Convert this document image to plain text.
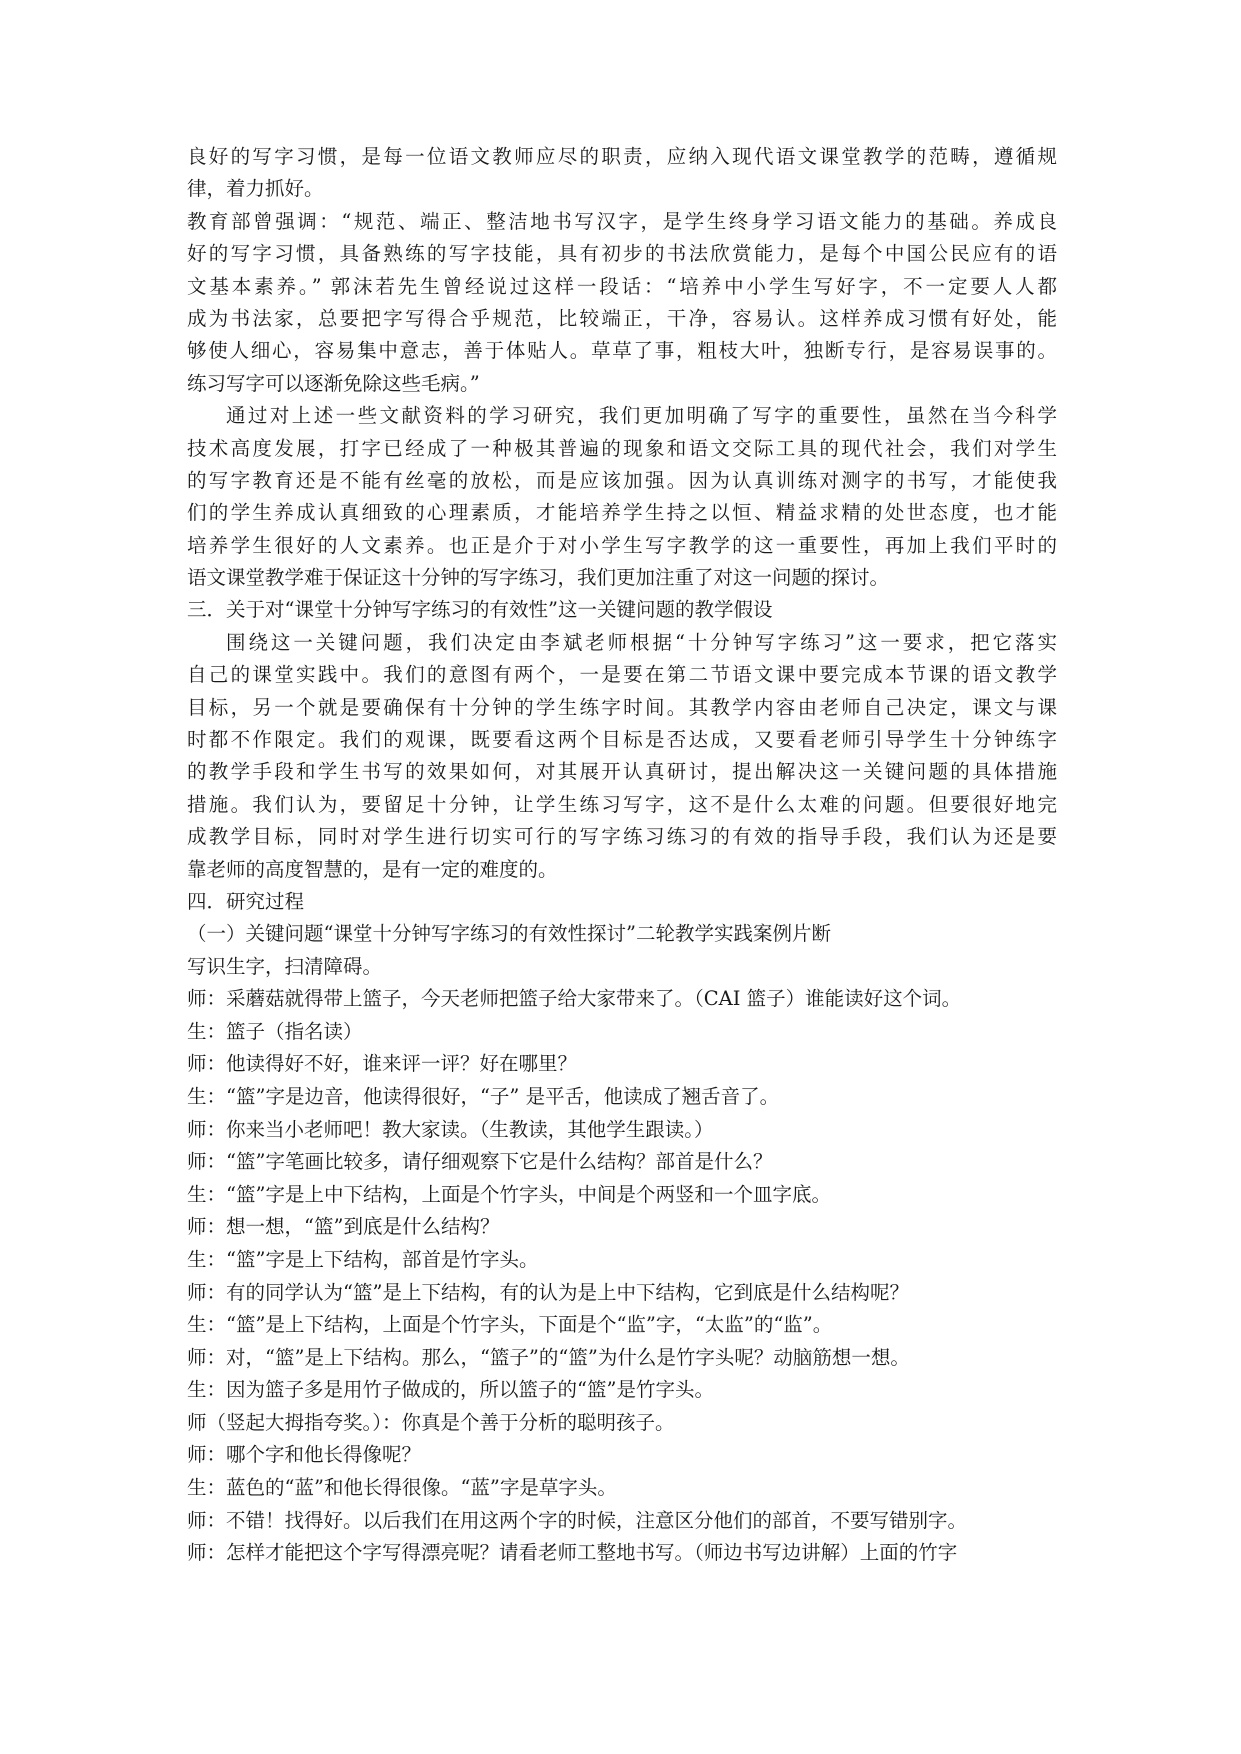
良好的写字习惯，是每一位语文教师应尽的职责，应纳入现代语文课堂教学的范畴，遵循规
律，着力抓好。
教育部曾强调：“规范、端正、整洁地书写汉字，是学生终身学习语文能力的基础。养成良
好的写字习惯，具备熟练的写字技能，具有初步的书法欣赏能力，是每个中国公民应有的语
文基本素养。” 郭沫若先生曾经说过这样一段话：“培养中小学生写好字，不一定要人人都
成为书法家，总要把字写得合乎规范，比较端正，干净，容易认。这样养成习惯有好处，能
够使人细心，容易集中意志，善于体贴人。草草了事，粗枝大叶，独断专行，是容易误事的。
练习写字可以逐渐免除这些毛病。”
通过对上述一些文献资料的学习研究，我们更加明确了写字的重要性，虽然在当今科学
技术高度发展，打字已经成了一种极其普遍的现象和语文交际工具的现代社会，我们对学生
的写字教育还是不能有丝毫的放松，而是应该加强。因为认真训练对测字的书写，才能使我
们的学生养成认真细致的心理素质，才能培养学生持之以恒、精益求精的处世态度，也才能
培养学生很好的人文素养。也正是介于对小学生写字教学的这一重要性，再加上我们平时的
语文课堂教学难于保证这十分钟的写字练习，我们更加注重了对这一问题的探讨。
三．关于对“课堂十分钟写字练习的有效性”这一关键问题的教学假设
围绕这一关键问题，我们决定由李斌老师根据“十分钟写字练习”这一要求，把它落实
自己的课堂实践中。我们的意图有两个，一是要在第二节语文课中要完成本节课的语文教学
目标，另一个就是要确保有十分钟的学生练字时间。其教学内容由老师自己决定，课文与课
时都不作限定。我们的观课，既要看这两个目标是否达成，又要看老师引导学生十分钟练字
的教学手段和学生书写的效果如何，对其展开认真研讨，提出解决这一关键问题的具体措施
措施。我们认为，要留足十分钟，让学生练习写字，这不是什么太难的问题。但要很好地完
成教学目标，同时对学生进行切实可行的写字练习练习的有效的指导手段，我们认为还是要
靠老师的高度智慧的，是有一定的难度的。
四．研究过程
（一）关键问题“课堂十分钟写字练习的有效性探讨”二轮教学实践案例片断
写识生字，扫清障碍。
师：采蘑菇就得带上篮子，今天老师把篮子给大家带来了。（CAI 篮子）谁能读好这个词。
生：篮子（指名读）
师：他读得好不好，谁来评一评？好在哪里？
生：“篮”字是边音，他读得很好，“子” 是平舌，他读成了翘舌音了。
师：你来当小老师吧！教大家读。（生教读，其他学生跟读。）
师：“篮”字笔画比较多，请仔细观察下它是什么结构？部首是什么？
生：“篮”字是上中下结构，上面是个竹字头，中间是个两竖和一个皿字底。
师：想一想，“篮”到底是什么结构？
生：“篮”字是上下结构，部首是竹字头。
师：有的同学认为“篮”是上下结构，有的认为是上中下结构，它到底是什么结构呢？
生：“篮”是上下结构，上面是个竹字头，下面是个“监”字，“太监”的“监”。
师：对，“篮”是上下结构。那么，“篮子”的“篮”为什么是竹字头呢？动脑筋想一想。
生：因为篮子多是用竹子做成的，所以篮子的“篮”是竹字头。
师（竖起大拇指夸奖。）：你真是个善于分析的聪明孩子。
师：哪个字和他长得像呢？
生：蓝色的“蓝”和他长得很像。“蓝”字是草字头。
师：不错！找得好。以后我们在用这两个字的时候，注意区分他们的部首，不要写错别字。
师：怎样才能把这个字写得漂亮呢？请看老师工整地书写。（师边书写边讲解）上面的竹字
